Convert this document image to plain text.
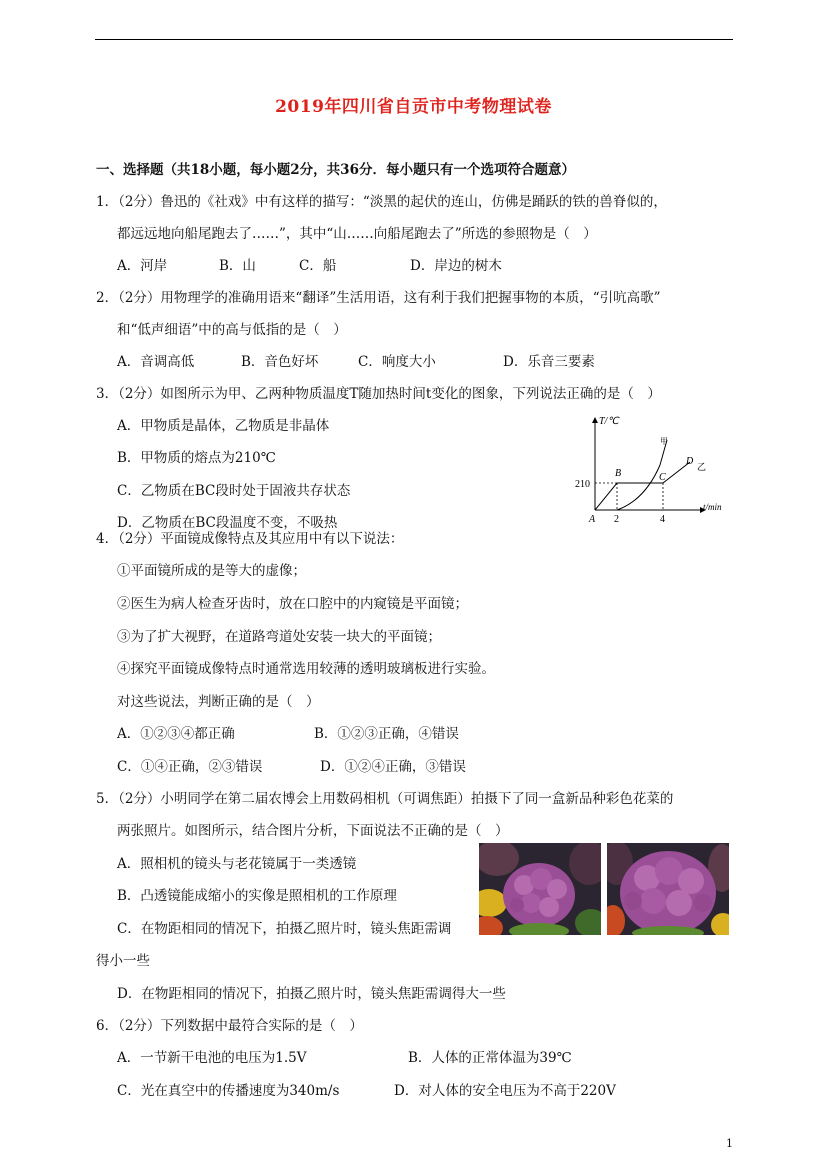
2019年四川省自贡市中考物理试卷
一、选择题（共18小题，每小题2分，共36分．每小题只有一个选项符合题意）
1．（2分）鲁迅的《社戏》中有这样的描写：“淡黑的起伏的连山，仿佛是踊跃的铁的兽脊似的，
都远远地向船尾跑去了……”，其中“山……向船尾跑去了”所选的参照物是（　）
A．河岸	B．山	C．船	D．岸边的树木
2．（2分）用物理学的准确用语来“翻译”生活用语，这有利于我们把握事物的本质，“引吭高歌”
和“低声细语”中的高与低指的是（　）
A．音调高低	B．音色好坏	C．响度大小	D．乐音三要素
3．（2分）如图所示为甲、乙两种物质温度T随加热时间t变化的图象，下列说法正确的是（　）
A．甲物质是晶体，乙物质是非晶体
B．甲物质的熔点为210℃
C．乙物质在BC段时处于固液共存状态
D．乙物质在BC段温度不变，不吸热
T/℃
t/min
210
2	4
A
B	C
D
甲
乙
4．（2分）平面镜成像特点及其应用中有以下说法：
①平面镜所成的是等大的虚像；
②医生为病人检查牙齿时，放在口腔中的内窥镜是平面镜；
③为了扩大视野，在道路弯道处安装一块大的平面镜；
④探究平面镜成像特点时通常选用较薄的透明玻璃板进行实验。
对这些说法，判断正确的是（　）
A．①②③④都正确	B．①②③正确，④错误
C．①④正确，②③错误	D．①②④正确，③错误
5．（2分）小明同学在第二届农博会上用数码相机（可调焦距）拍摄下了同一盒新品种彩色花菜的
两张照片。如图所示，结合图片分析，下面说法不正确的是（　）
A．照相机的镜头与老花镜属于一类透镜
B．凸透镜能成缩小的实像是照相机的工作原理
C．在物距相同的情况下，拍摄乙照片时，镜头焦距需调
得小一些
D．在物距相同的情况下，拍摄乙照片时，镜头焦距需调得大一些
6．（2分）下列数据中最符合实际的是（　）
A．一节新干电池的电压为1.5V	B．人体的正常体温为39℃
C．光在真空中的传播速度为340m/s	D．对人体的安全电压为不高于220V
1
